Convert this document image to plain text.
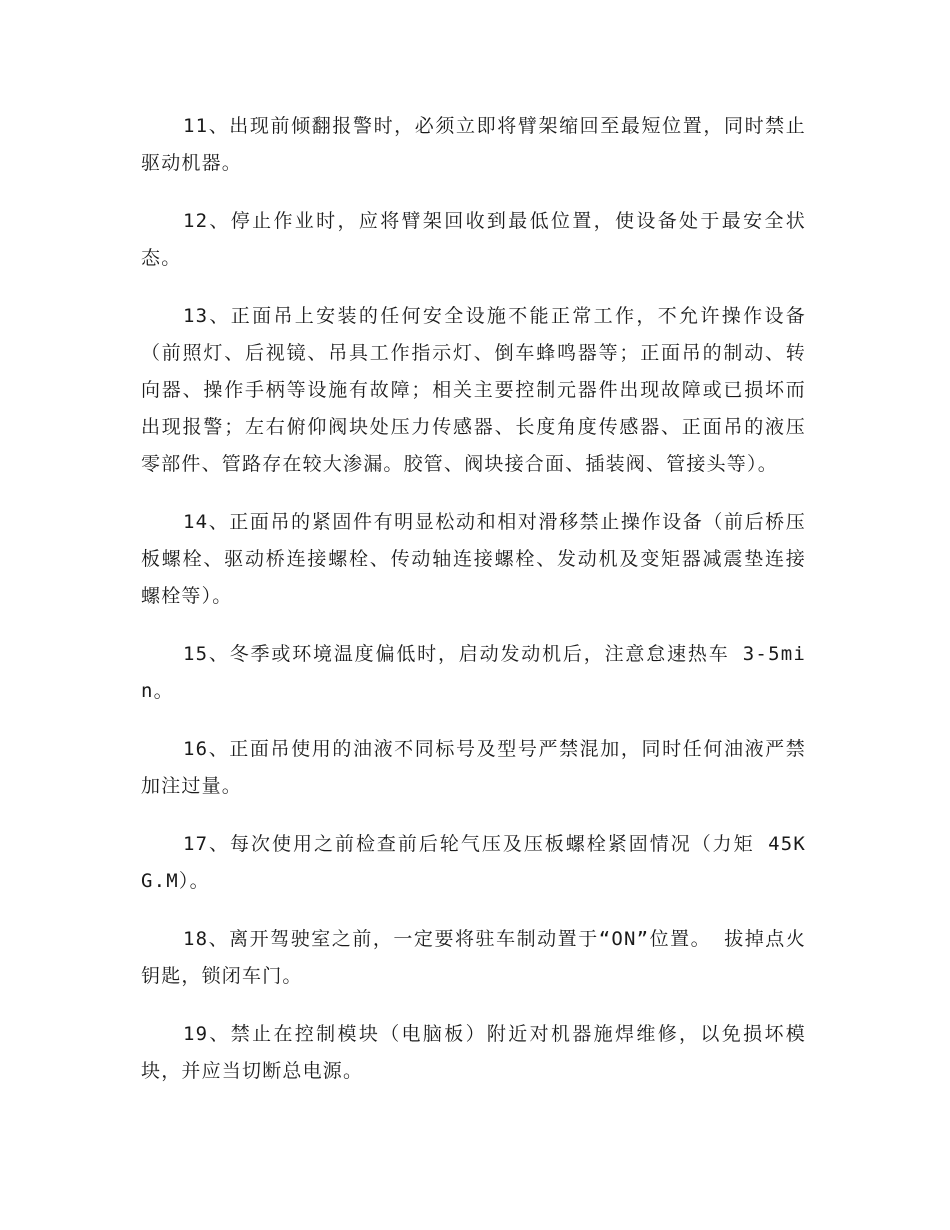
11、出现前倾翻报警时，必须立即将臂架缩回至最短位置，同时禁止驱动机器。

12、停止作业时，应将臂架回收到最低位置，使设备处于最安全状态。

13、正面吊上安装的任何安全设施不能正常工作，不允许操作设备（前照灯、后视镜、吊具工作指示灯、倒车蜂鸣器等；正面吊的制动、转向器、操作手柄等设施有故障；相关主要控制元器件出现故障或已损坏而出现报警；左右俯仰阀块处压力传感器、长度角度传感器、正面吊的液压零部件、管路存在较大渗漏。胶管、阀块接合面、插装阀、管接头等）。

14、正面吊的紧固件有明显松动和相对滑移禁止操作设备（前后桥压板螺栓、驱动桥连接螺栓、传动轴连接螺栓、发动机及变矩器减震垫连接螺栓等）。

15、冬季或环境温度偏低时，启动发动机后，注意怠速热车 3-5min。

16、正面吊使用的油液不同标号及型号严禁混加，同时任何油液严禁加注过量。

17、每次使用之前检查前后轮气压及压板螺栓紧固情况（力矩 45KG.M）。

18、离开驾驶室之前，一定要将驻车制动置于“ON”位置。 拔掉点火钥匙，锁闭车门。

19、禁止在控制模块（电脑板）附近对机器施焊维修，以免损坏模块，并应当切断总电源。
